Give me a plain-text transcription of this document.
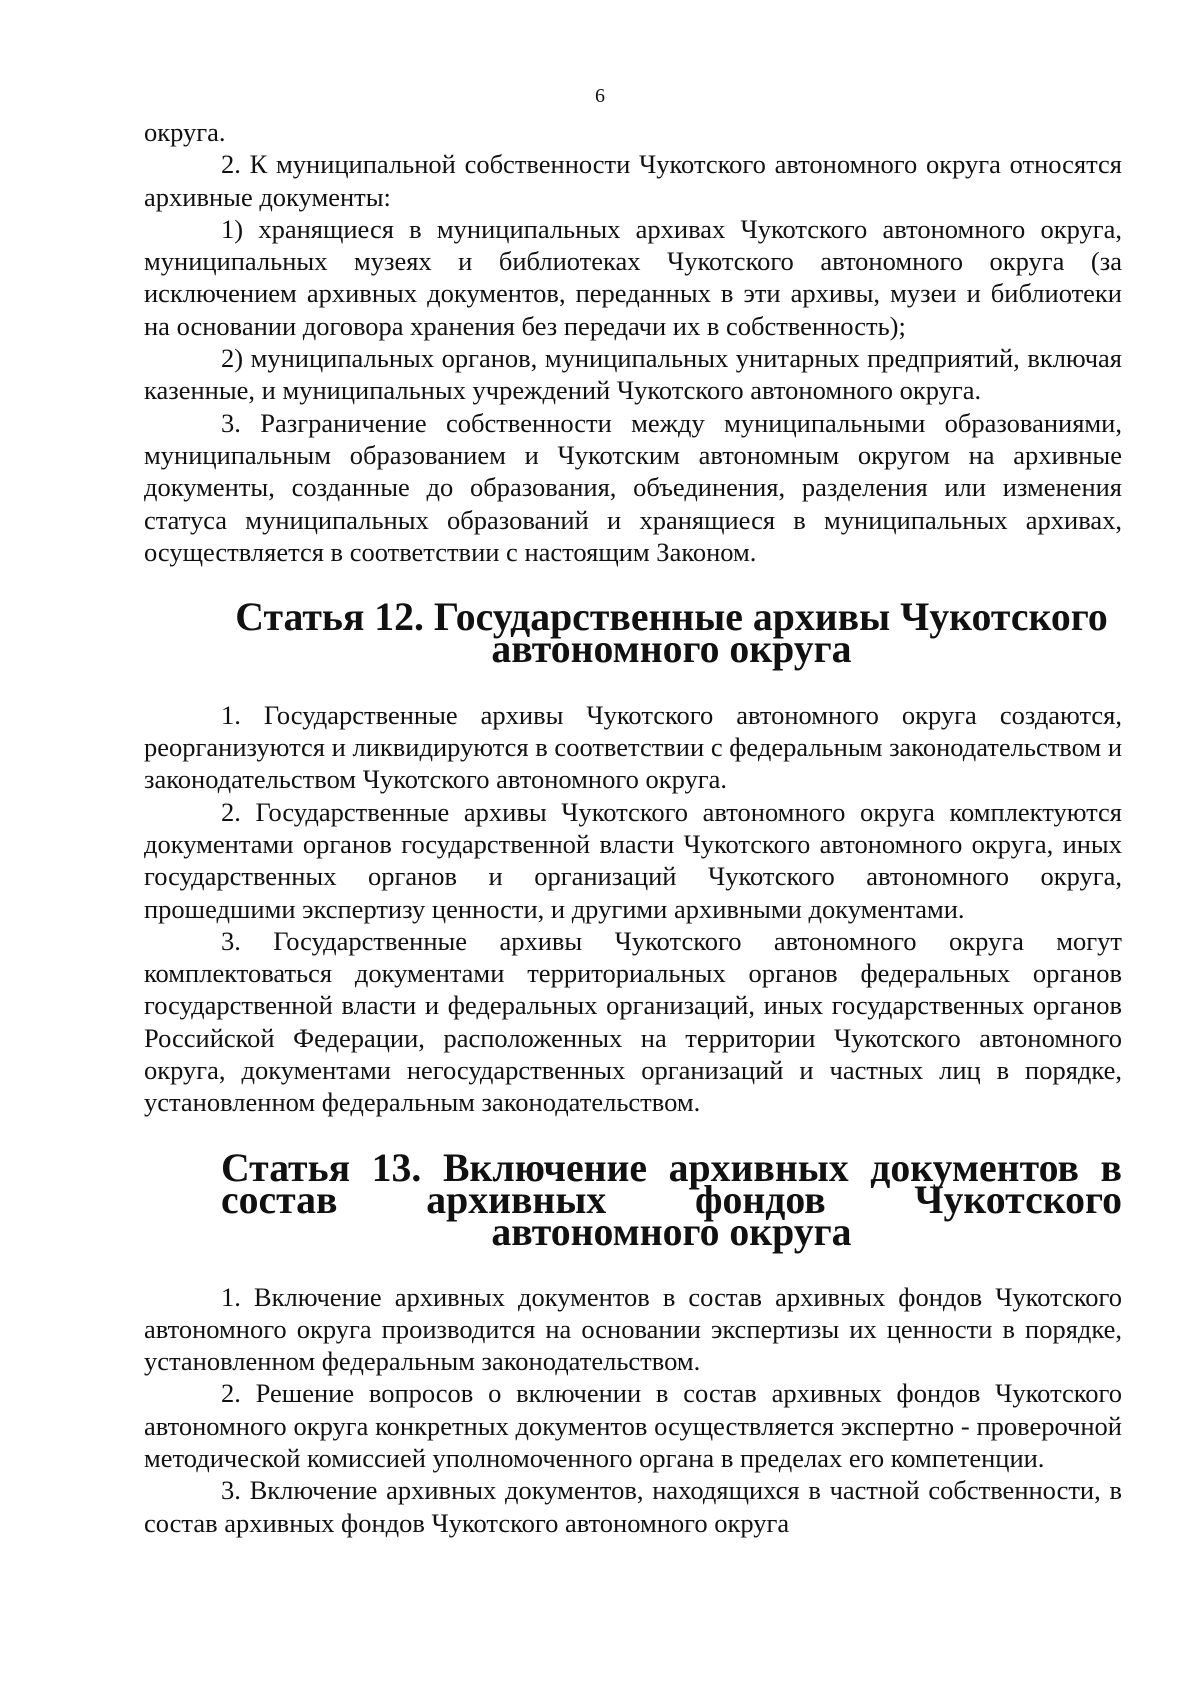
6

округа.

2. К муниципальной собственности Чукотского автономного округа относятся архивные документы:

1) хранящиеся в муниципальных архивах Чукотского автономного округа, муниципальных музеях и библиотеках Чукотского автономного округа (за исключением архивных документов, переданных в эти архивы, музеи и библиотеки на основании договора хранения без передачи их в собственность);

2) муниципальных органов, муниципальных унитарных предприятий, включая казенные, и муниципальных учреждений Чукотского автономного округа.

3. Разграничение собственности между муниципальными образованиями, муниципальным образованием и Чукотским автономным округом на архивные документы, созданные до образования, объединения, разделения или изменения статуса муниципальных образований и хранящиеся в муниципальных архивах, осуществляется в соответствии с настоящим Законом.

Статья 12. Государственные архивы Чукотского автономного округа

1. Государственные архивы Чукотского автономного округа создаются, реорганизуются и ликвидируются в соответствии с федеральным законодательством и законодательством Чукотского автономного округа.

2. Государственные архивы Чукотского автономного округа комплектуются документами органов государственной власти Чукотского автономного округа, иных государственных органов и организаций Чукотского автономного округа, прошедшими экспертизу ценности, и другими архивными документами.

3. Государственные архивы Чукотского автономного округа могут комплектоваться документами территориальных органов федеральных органов государственной власти и федеральных организаций, иных государственных органов Российской Федерации, расположенных на территории Чукотского автономного округа, документами негосударственных организаций и частных лиц в порядке, установленном федеральным законодательством.

Статья 13. Включение архивных документов в состав архивных фондов Чукотского автономного округа

1. Включение архивных документов в состав архивных фондов Чукотского автономного округа производится на основании экспертизы их ценности в порядке, установленном федеральным законодательством.

2. Решение вопросов о включении в состав архивных фондов Чукотского автономного округа конкретных документов осуществляется экспертно - проверочной методической комиссией уполномоченного органа в пределах его компетенции.

3. Включение архивных документов, находящихся в частной собственности, в состав архивных фондов Чукотского автономного округа
